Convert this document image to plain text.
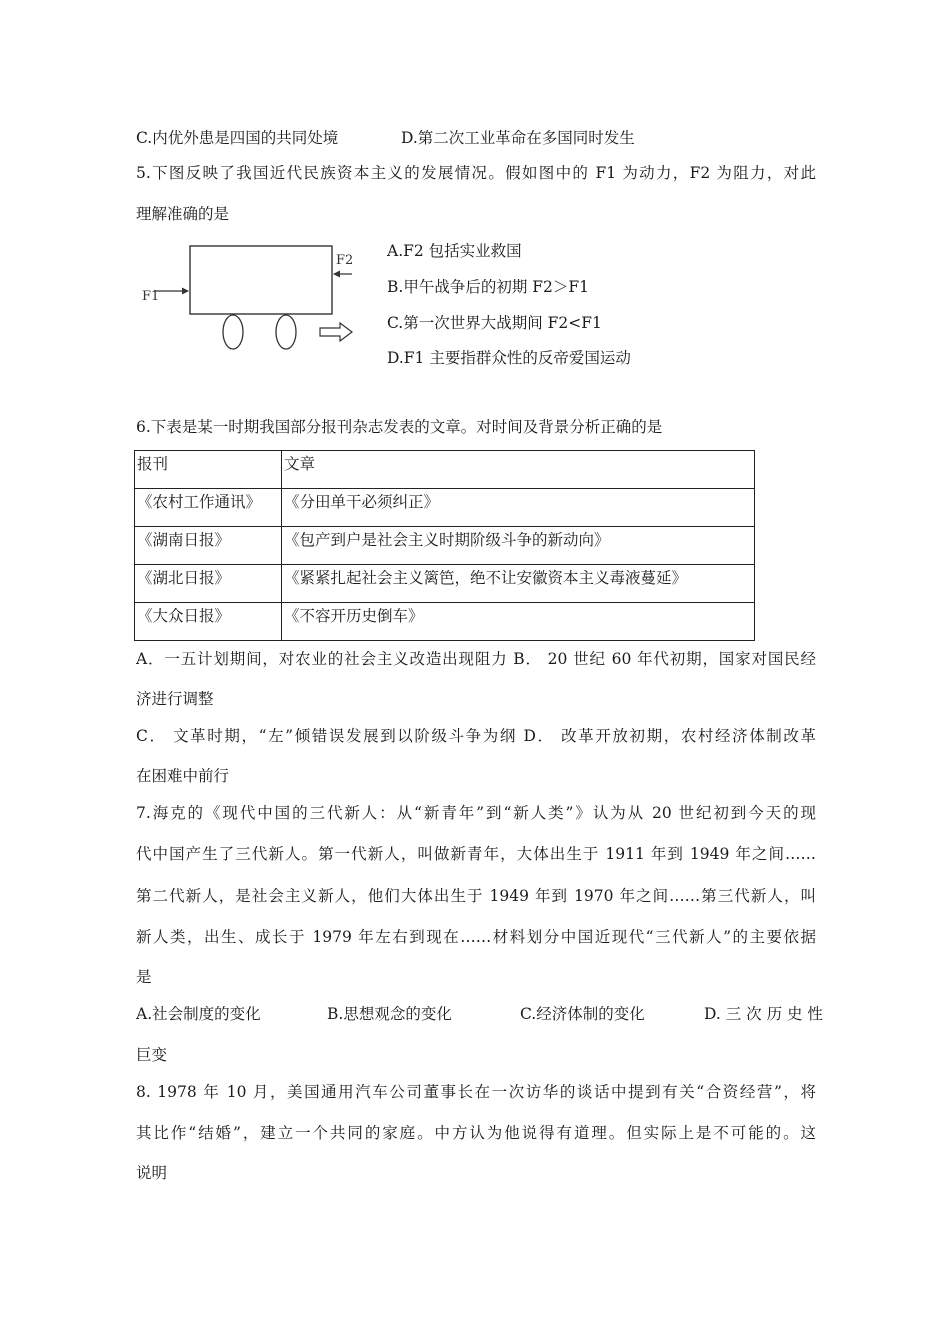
C.内优外患是四国的共同处境	D.第二次工业革命在多国同时发生
5.下图反映了我国近代民族资本主义的发展情况。假如图中的 F1 为动力，F2 为阻力，对此
理解准确的是
F1
F2
A.F2 包括实业救国
B.甲午战争后的初期 F2＞F1
C.第一次世界大战期间 F2<F1
D.F1 主要指群众性的反帝爱国运动
6.下表是某一时期我国部分报刊杂志发表的文章。对时间及背景分析正确的是
报刊	文章
《农村工作通讯》	《分田单干必须纠正》
《湖南日报》	《包产到户是社会主义时期阶级斗争的新动向》
《湖北日报》	《紧紧扎起社会主义篱笆，绝不让安徽资本主义毒液蔓延》
《大众日报》	《不容开历史倒车》
A．一五计划期间，对农业的社会主义改造出现阻力 B． 20 世纪 60 年代初期，国家对国民经
济进行调整
C． 文革时期，“左”倾错误发展到以阶级斗争为纲 D． 改革开放初期，农村经济体制改革
在困难中前行
7.海克的《现代中国的三代新人：从“新青年”到“新人类”》认为从 20 世纪初到今天的现
代中国产生了三代新人。第一代新人，叫做新青年，大体出生于 1911 年到 1949 年之间……
第二代新人，是社会主义新人，他们大体出生于 1949 年到 1970 年之间……第三代新人，叫
新人类，出生、成长于 1979 年左右到现在……材料划分中国近现代“三代新人”的主要依据
是
A.社会制度的变化	B.思想观念的变化	C.经济体制的变化	D. 三 次 历 史 性
巨变
8. 1978 年 10 月，美国通用汽车公司董事长在一次访华的谈话中提到有关“合资经营”，将
其比作“结婚”，建立一个共同的家庭。中方认为他说得有道理。但实际上是不可能的。这
说明
